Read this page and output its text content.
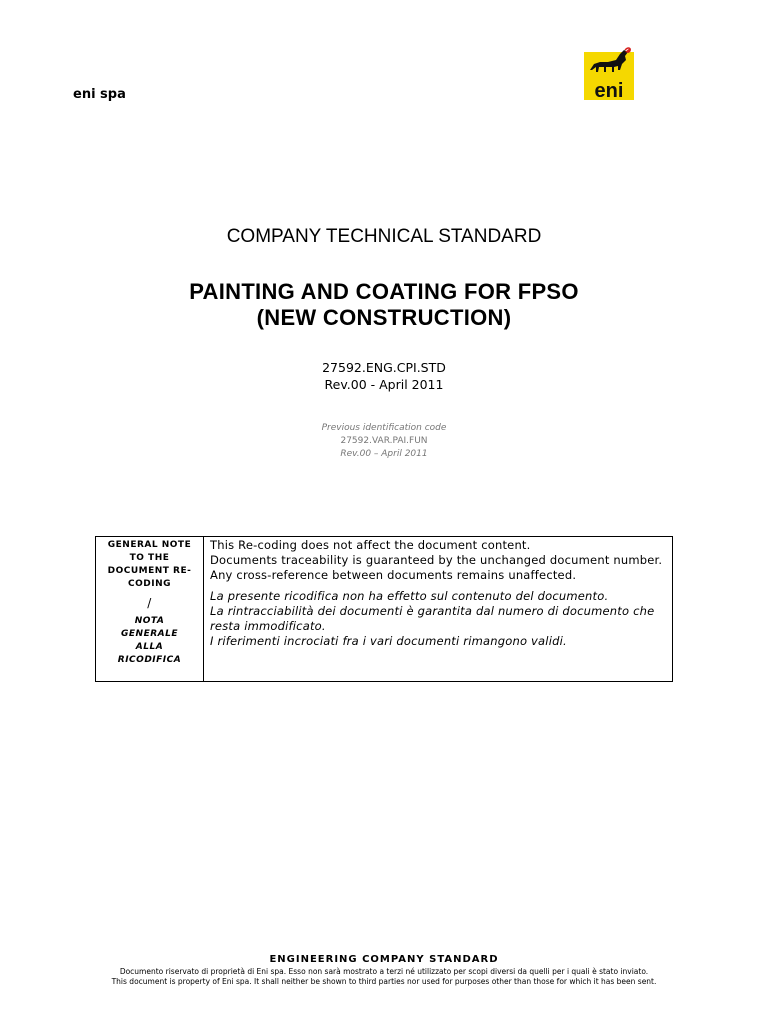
eni spa	eni
COMPANY TECHNICAL STANDARD
PAINTING AND COATING FOR FPSO
(NEW CONSTRUCTION)
27592.ENG.CPI.STD
Rev.00 - April 2011
Previous identification code
27592.VAR.PAI.FUN
Rev.00 – April 2011
GENERAL NOTE
TO THE
DOCUMENT RE-
CODING
/
NOTA
GENERALE
ALLA
RICODIFICA
This Re-coding does not affect the document content.
Documents traceability is guaranteed by the unchanged document number.
Any cross-reference between documents remains unaffected.
La presente ricodifica non ha effetto sul contenuto del documento.
La rintracciabilità dei documenti è garantita dal numero di documento che resta immodificato.
I riferimenti incrociati fra i vari documenti rimangono validi.
ENGINEERING COMPANY STANDARD
Documento riservato di proprietà di Eni spa. Esso non sarà mostrato a terzi né utilizzato per scopi diversi da quelli per i quali è stato inviato.
This document is property of Eni spa. It shall neither be shown to third parties nor used for purposes other than those for which it has been sent.
